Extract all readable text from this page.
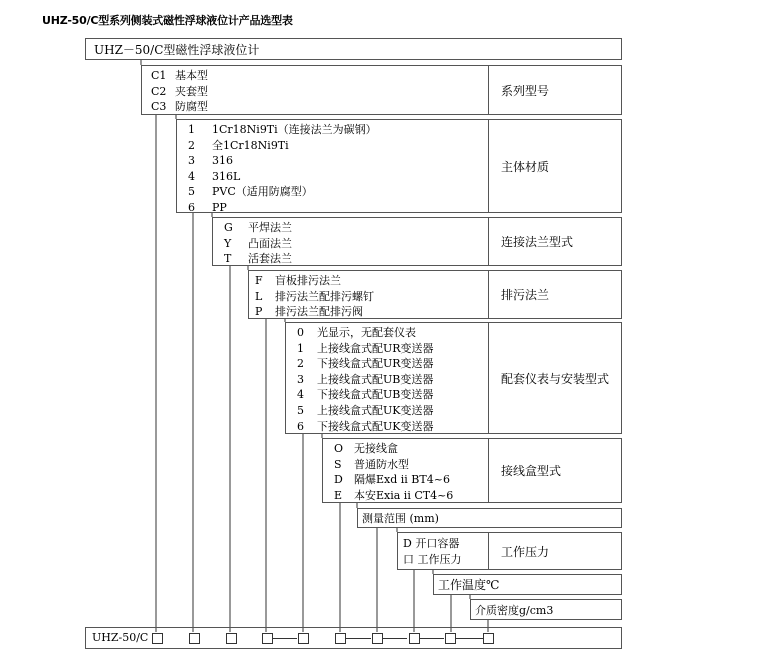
UHZ-50/C型系列侧装式磁性浮球液位计产品选型表
UHZ－50/C型磁性浮球液位计
C1 基本型
C2 夹套型
C3 防腐型
系列型号
1 1Cr18Ni9Ti（连接法兰为碳钢）
2 全1Cr18Ni9Ti
3 316
4 316L
5 PVC（适用防腐型）
6 PP
主体材质
G 平焊法兰
Y 凸面法兰
T 活套法兰
连接法兰型式
F 盲板排污法兰
L 排污法兰配排污螺钉
P 排污法兰配排污阀
排污法兰
0 光显示，无配套仪表
1 上接线盒式配UR变送器
2 下接线盒式配UR变送器
3 上接线盒式配UB变送器
4 下接线盒式配UB变送器
5 上接线盒式配UK变送器
6 下接线盒式配UK变送器
配套仪表与安装型式
O 无接线盒
S 普通防水型
D 隔爆Exd ii BT4~6
E 本安Exia ii CT4~6
接线盒型式
测量范围 (mm)
D 开口容器
口 工作压力
工作压力
工作温度℃
介质密度g/cm3
UHZ-50/C
